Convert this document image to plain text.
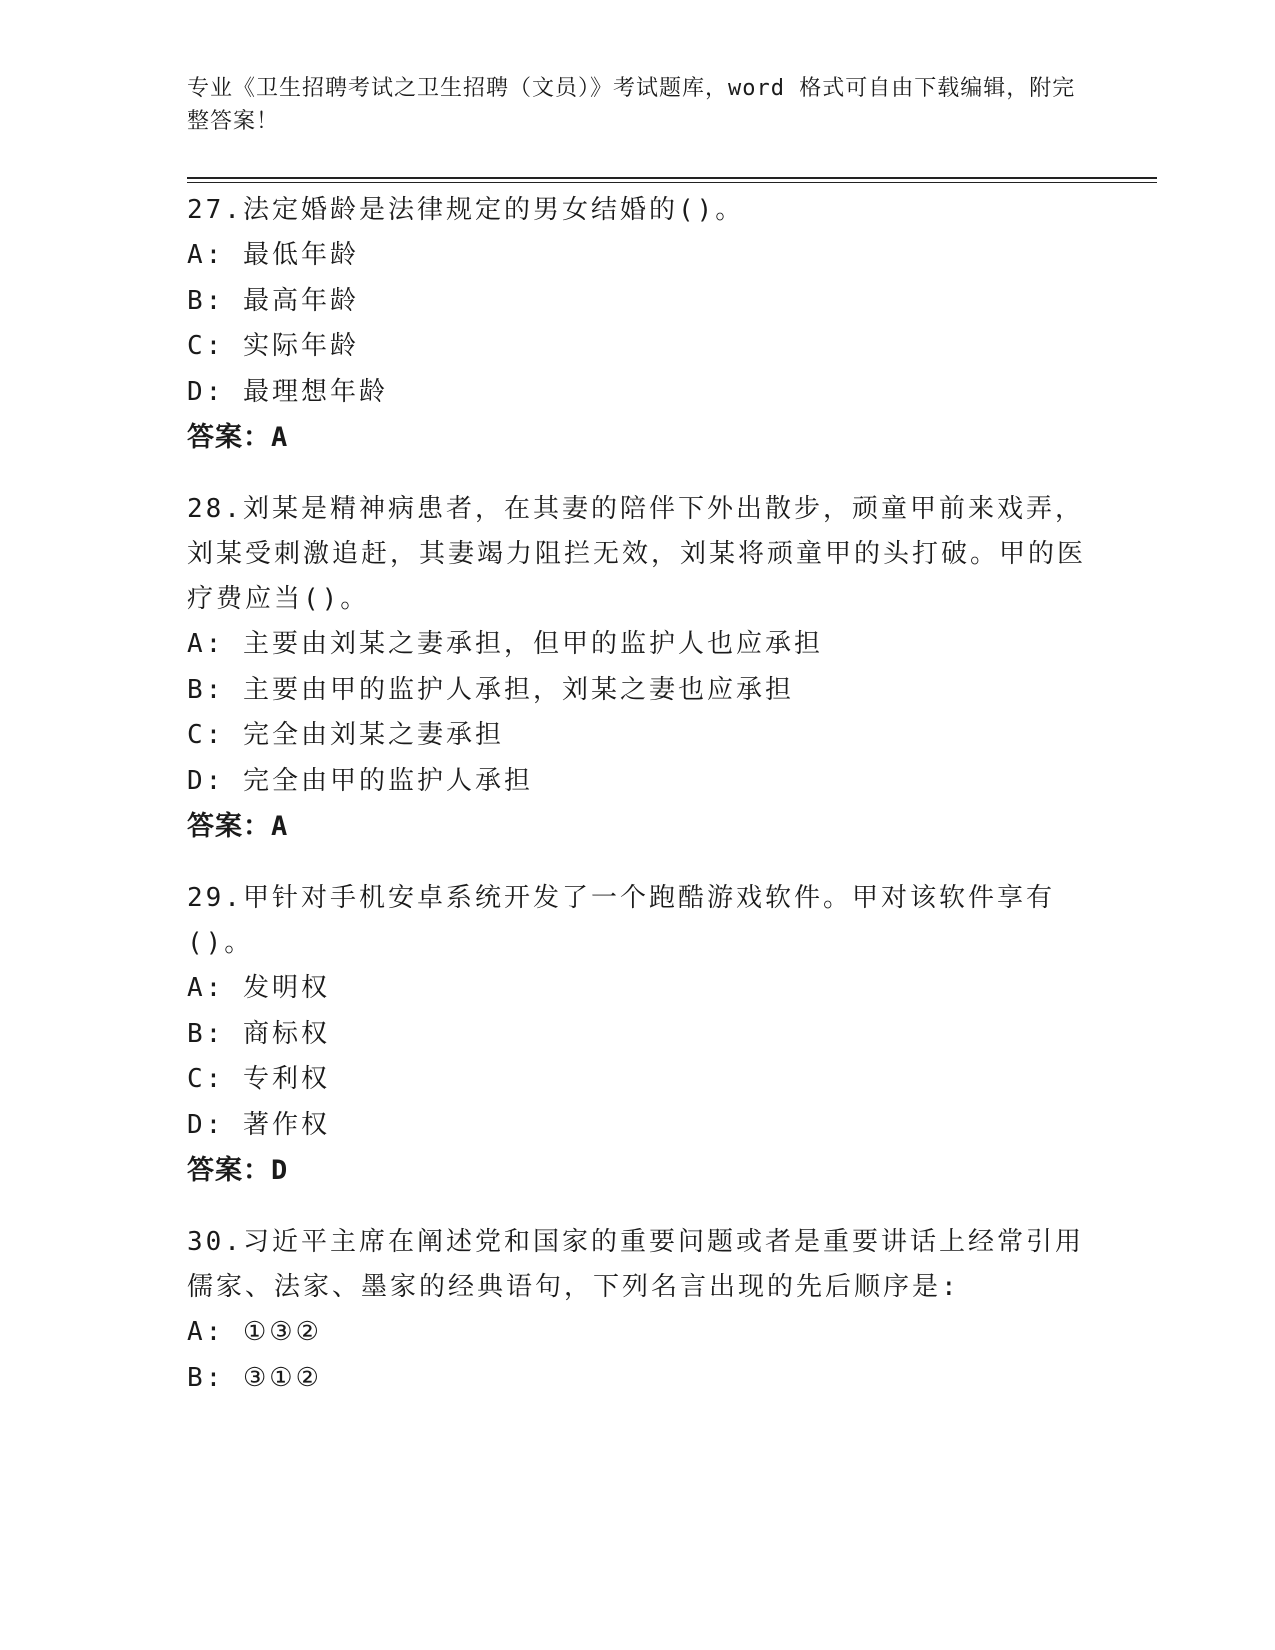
专业《卫生招聘考试之卫生招聘（文员）》考试题库，word 格式可自由下载编辑，附完整答案！
27.法定婚龄是法律规定的男女结婚的()。
A: 最低年龄
B: 最高年龄
C: 实际年龄
D: 最理想年龄
答案：A
28.刘某是精神病患者，在其妻的陪伴下外出散步，顽童甲前来戏弄，刘某受刺激追赶，其妻竭力阻拦无效，刘某将顽童甲的头打破。甲的医疗费应当()。
A: 主要由刘某之妻承担，但甲的监护人也应承担
B: 主要由甲的监护人承担，刘某之妻也应承担
C: 完全由刘某之妻承担
D: 完全由甲的监护人承担
答案：A
29.甲针对手机安卓系统开发了一个跑酷游戏软件。甲对该软件享有()。
A: 发明权
B: 商标权
C: 专利权
D: 著作权
答案：D
30.习近平主席在阐述党和国家的重要问题或者是重要讲话上经常引用儒家、法家、墨家的经典语句，下列名言出现的先后顺序是:
A: ①③②
B: ③①②
